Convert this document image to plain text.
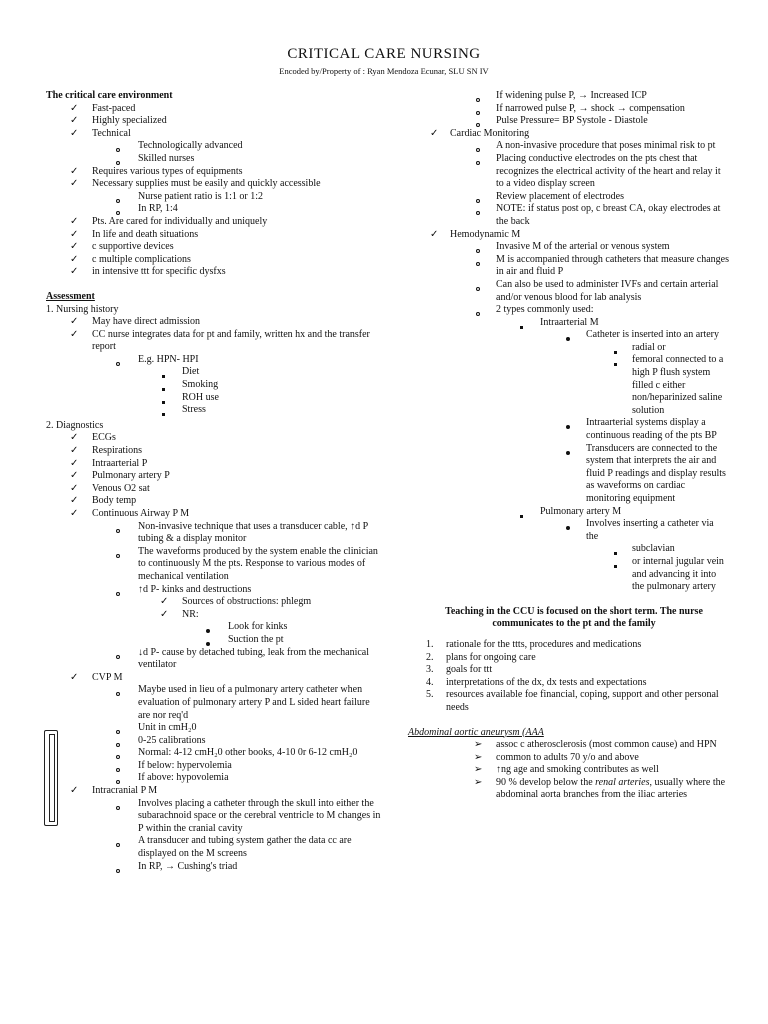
CRITICAL CARE NURSING
Encoded by/Property of : Ryan Mendoza Ecunar, SLU SN IV
The critical care environment
✓ Fast-paced
✓ Highly specialized
✓ Technical
Technologically advanced
Skilled nurses
✓ Requires various types of equipments
✓ Necessary supplies must be easily and quickly accessible
Nurse patient ratio is 1:1 or 1:2
In RP, 1:4
✓ Pts. Are cared for individually and uniquely
✓ In life and death situations
✓ c supportive devices
✓ c multiple complications
✓ in intensive ttt for specific dysfxs
Assessment
1. Nursing history
✓ May have direct admission
✓ CC nurse integrates data for pt and family, written hx and the transfer report
E.g. HPN- HPI
Diet
Smoking
ROH use
Stress
2. Diagnostics
✓ ECGs
✓ Respirations
✓ Intraarterial P
✓ Pulmonary artery P
✓ Venous O2 sat
✓ Body temp
✓ Continuous Airway P M
Non-invasive technique that uses a transducer cable, ↑d P tubing & a display monitor
The waveforms produced by the system enable the clinician to continuously M the pts. Response to various modes of mechanical ventilation
↑d P- kinks and destructions
✓ Sources of obstructions: phlegm
✓ NR:
Look for kinks
Suction the pt
↓d P- cause by detached tubing, leak from the mechanical ventilator
✓ CVP M
Maybe used in lieu of a pulmonary artery catheter when evaluation of pulmonary artery P and L sided heart failure are nor req'd
Unit in cmH₂0
0-25 calibrations
Normal: 4-12 cmH₂0 other books, 4-10 0r 6-12 cmH₂0
If below: hypervolemia
If above: hypovolemia
✓ Intracranial P M
Involves placing a catheter through the skull into either the subarachnoid space or the cerebral ventricle to M changes in P within the cranial cavity
A transducer and tubing system gather the data cc are displayed on the M screens
In RP, → Cushing's triad
If widening pulse P, → Increased ICP
If narrowed pulse P, → shock → compensation
Pulse Pressure= BP Systole - Diastole
✓ Cardiac Monitoring
A non-invasive procedure that poses minimal risk to pt
Placing conductive electrodes on the pts chest that recognizes the electrical activity of the heart and relay it to a video display screen
Review placement of electrodes
NOTE: if status post op, c breast CA, okay electrodes at the back
✓ Hemodynamic M
Invasive M of the arterial or venous system
M is accompanied through catheters that measure changes in air and fluid P
Can also be used to administer IVFs and certain arterial and/or venous blood for lab analysis
2 types commonly used:
Intraarterial M
Catheter is inserted into an artery
radial or
femoral connected to a high P flush system filled c either non/heparinized saline solution
Intraarterial systems display a continuous reading of the pts BP
Transducers are connected to the system that interprets the air and fluid P readings and display results as waveforms on cardiac monitoring equipment
Pulmonary artery M
Involves inserting a catheter via the
subclavian
or internal jugular vein and advancing it into the pulmonary artery
Teaching in the CCU is focused on the short term. The nurse communicates to the pt and the family
1. rationale for the ttts, procedures and medications
2. plans for ongoing care
3. goals for ttt
4. interpretations of the dx, dx tests and expectations
5. resources available foe financial, coping, support and other personal needs
Abdominal aortic aneurysm (AAA
➢ assoc c atherosclerosis (most common cause) and HPN
➢ common to adults 70 y/o and above
➢ ↑ng age and smoking contributes as well
➢ 90 % develop below the renal arteries, usually where the abdominal aorta branches from the iliac arteries
